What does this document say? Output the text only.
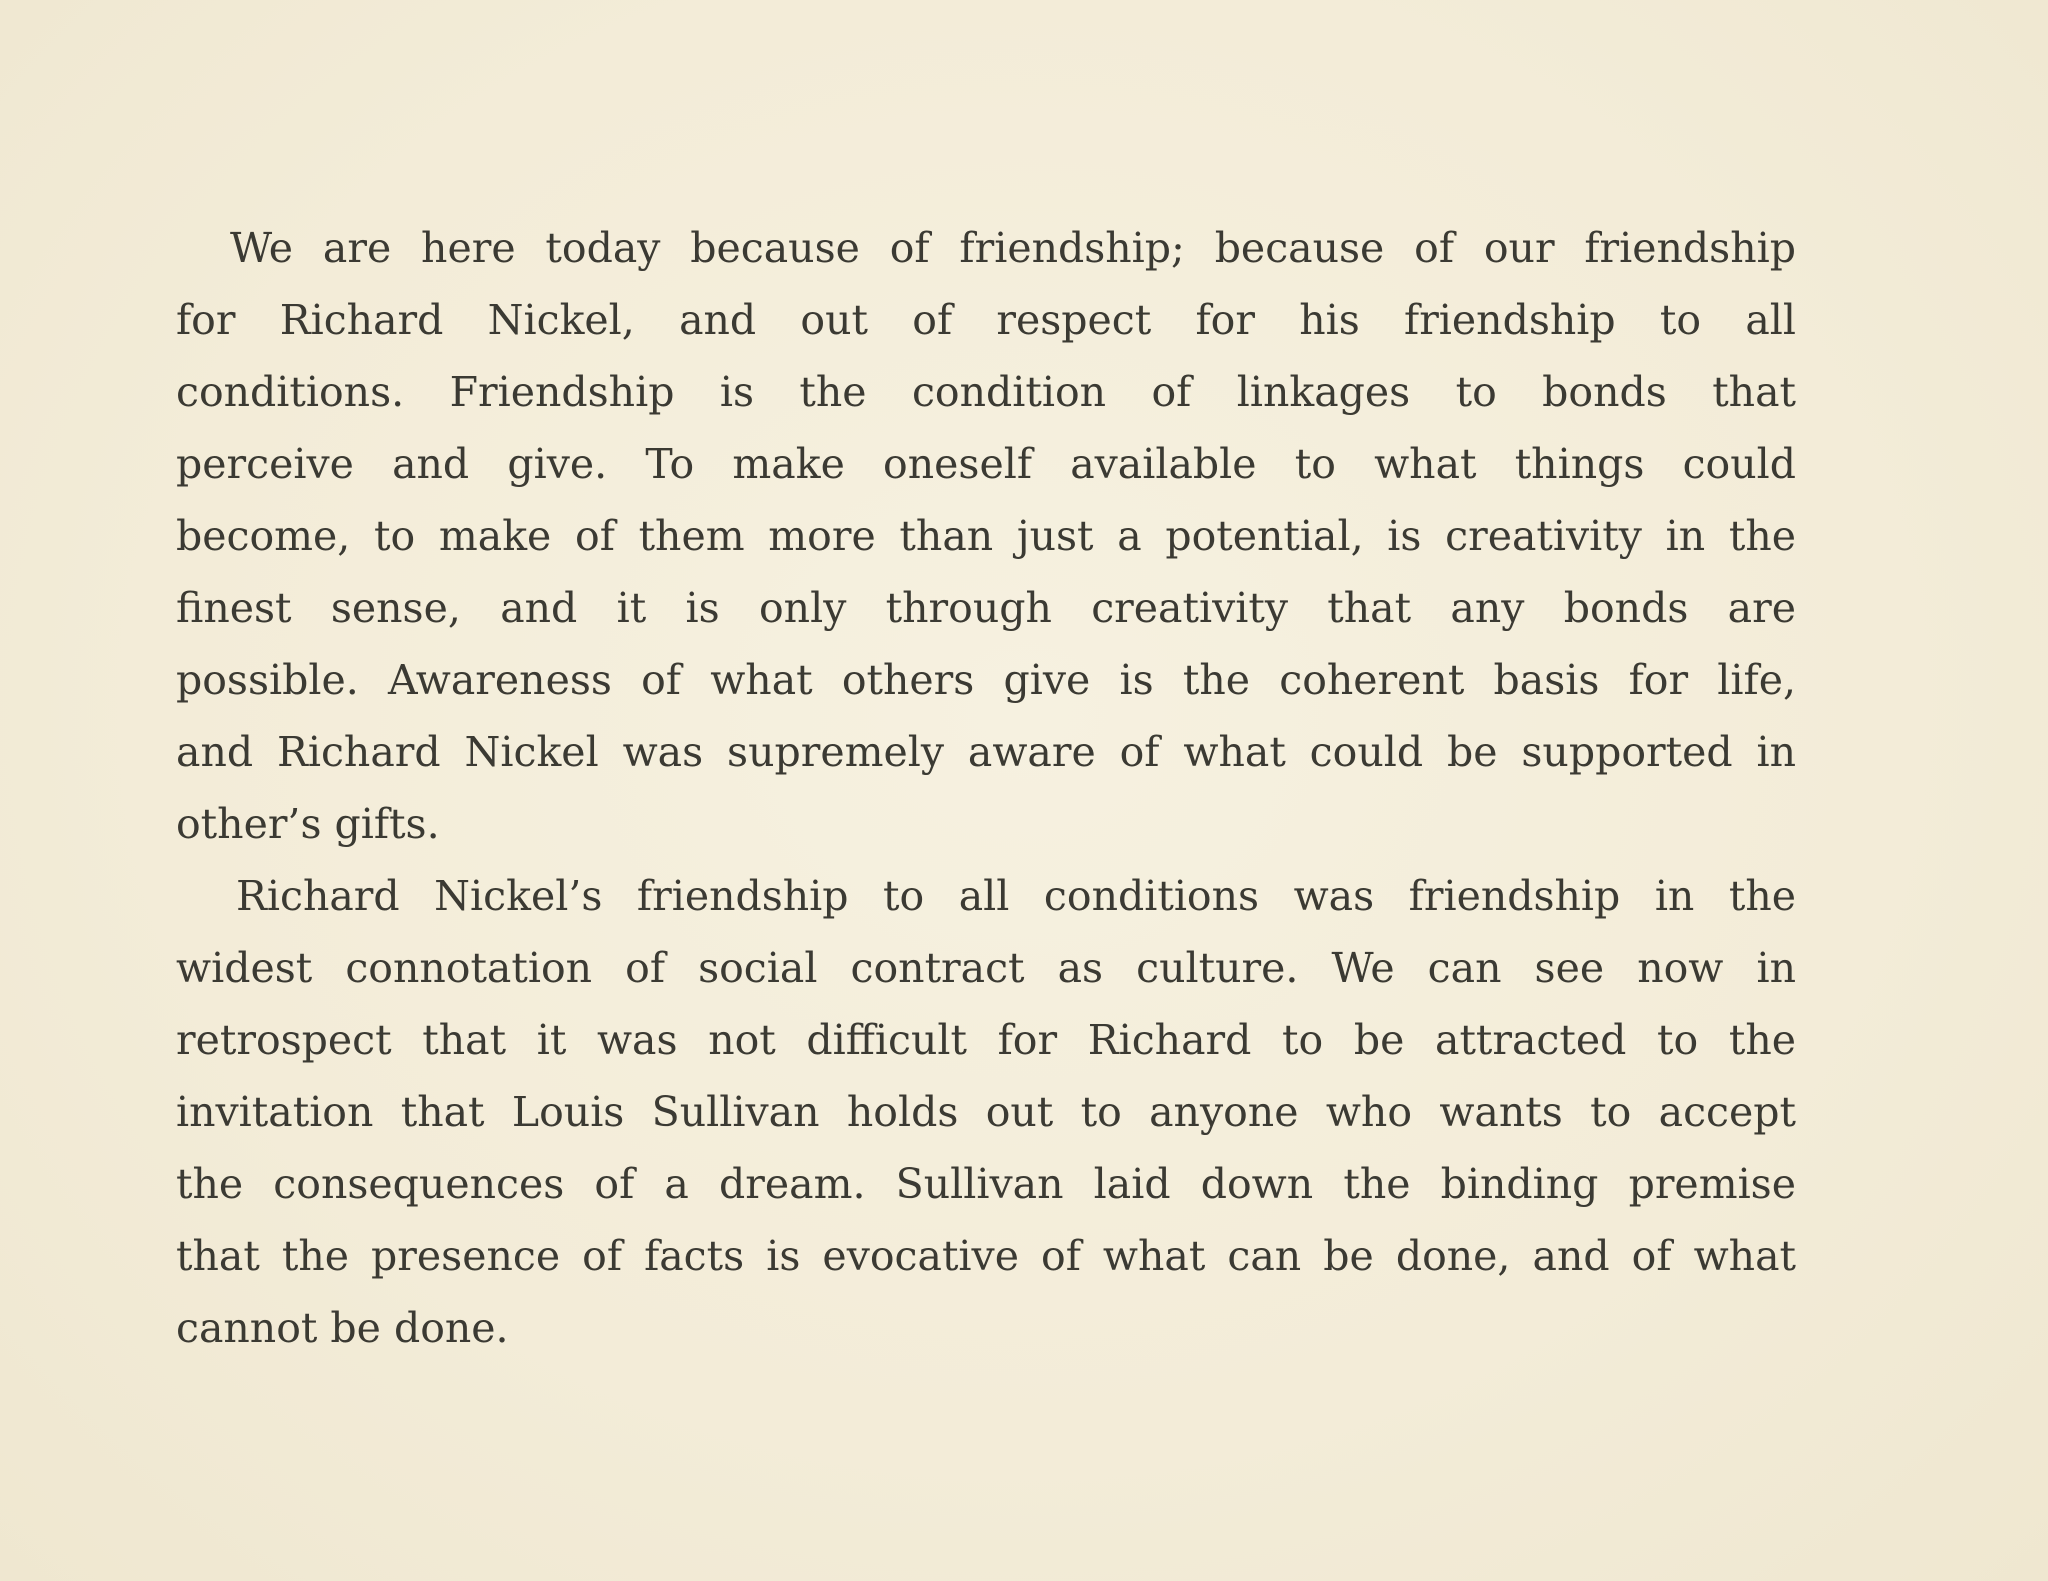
We are here today because of friendship; because of our friendship
for Richard Nickel, and out of respect for his friendship to all
conditions. Friendship is the condition of linkages to bonds that
perceive and give. To make oneself available to what things could
become, to make of them more than just a potential, is creativity in the
finest sense, and it is only through creativity that any bonds are
possible. Awareness of what others give is the coherent basis for life,
and Richard Nickel was supremely aware of what could be supported in
other’s gifts.
Richard Nickel’s friendship to all conditions was friendship in the
widest connotation of social contract as culture. We can see now in
retrospect that it was not difficult for Richard to be attracted to the
invitation that Louis Sullivan holds out to anyone who wants to accept
the consequences of a dream. Sullivan laid down the binding premise
that the presence of facts is evocative of what can be done, and of what
cannot be done.
